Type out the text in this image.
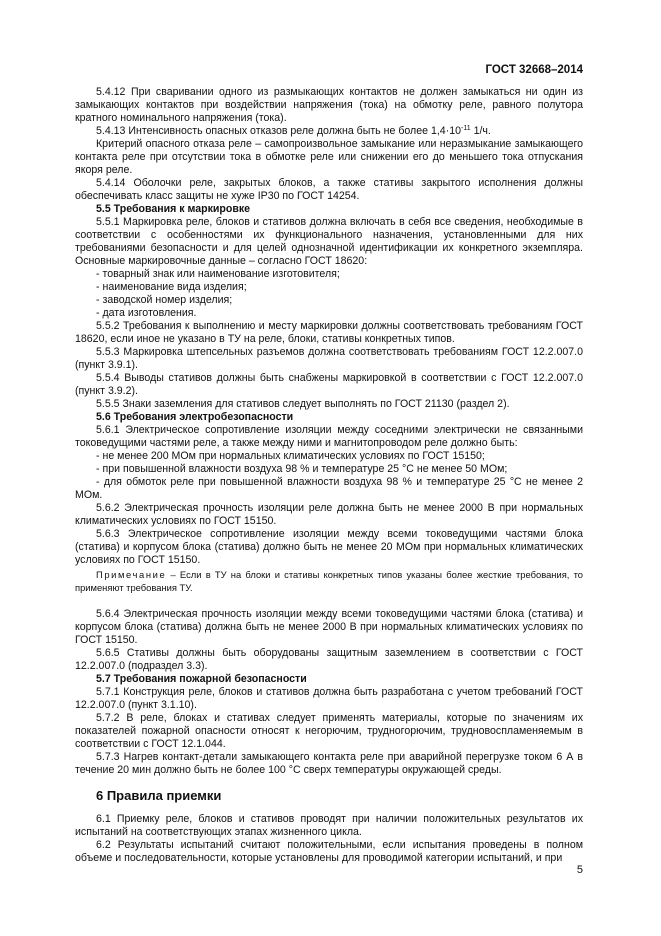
ГОСТ 32668–2014

5.4.12 При сваривании одного из размыкающих контактов не должен замыкаться ни один из замыкающих контактов при воздействии напряжения (тока) на обмотку реле, равного полутора кратного номинального напряжения (тока).

5.4.13 Интенсивность опасных отказов реле должна быть не более $1,4\cdot 10^{-11}$ 1/ч.

Критерий опасного отказа реле – самопроизвольное замыкание или неразмыкание замыкающего контакта реле при отсутствии тока в обмотке реле или снижении его до меньшего тока отпускания якоря реле.

5.4.14 Оболочки реле, закрытых блоков, а также стативы закрытого исполнения должны обеспечивать класс защиты не хуже IP30 по ГОСТ 14254.

5.5 Требования к маркировке

5.5.1 Маркировка реле, блоков и стативов должна включать в себя все сведения, необходимые в соответствии с особенностями их функционального назначения, установленными для них требованиями безопасности и для целей однозначной идентификации их конкретного экземпляра. Основные маркировочные данные – согласно ГОСТ 18620:

- товарный знак или наименование изготовителя;

- наименование вида изделия;

- заводской номер изделия;

- дата изготовления.

5.5.2 Требования к выполнению и месту маркировки должны соответствовать требованиям ГОСТ 18620, если иное не указано в ТУ на реле, блоки, стативы конкретных типов.

5.5.3 Маркировка штепсельных разъемов должна соответствовать требованиям ГОСТ 12.2.007.0 (пункт 3.9.1).

5.5.4 Выводы стативов должны быть снабжены маркировкой в соответствии с ГОСТ 12.2.007.0 (пункт 3.9.2).

5.5.5 Знаки заземления для стативов следует выполнять по ГОСТ 21130 (раздел 2).

5.6 Требования электробезопасности

5.6.1 Электрическое сопротивление изоляции между соседними электрически не связанными токоведущими частями реле, а также между ними и магнитопроводом реле должно быть:

- не менее 200 МОм при нормальных климатических условиях по ГОСТ 15150;

- при повышенной влажности воздуха 98 % и температуре 25 °С не менее 50 МОм;

- для обмоток реле при повышенной влажности воздуха 98 % и температуре 25 °С не менее 2 МОм.

5.6.2 Электрическая прочность изоляции реле должна быть не менее 2000 В при нормальных климатических условиях по ГОСТ 15150.

5.6.3 Электрическое сопротивление изоляции между всеми токоведущими частями блока (статива) и корпусом блока (статива) должно быть не менее 20 МОм при нормальных климатических условиях по ГОСТ 15150.

Примечание – Если в ТУ на блоки и стативы конкретных типов указаны более жесткие требования, то применяют требования ТУ.

5.6.4 Электрическая прочность изоляции между всеми токоведущими частями блока (статива) и корпусом блока (статива) должна быть не менее 2000 В при нормальных климатических условиях по ГОСТ 15150.

5.6.5 Стативы должны быть оборудованы защитным заземлением в соответствии с ГОСТ 12.2.007.0 (подраздел 3.3).

5.7 Требования пожарной безопасности

5.7.1 Конструкция реле, блоков и стативов должна быть разработана с учетом требований ГОСТ 12.2.007.0 (пункт 3.1.10).

5.7.2 В реле, блоках и стативах следует применять материалы, которые по значениям их показателей пожарной опасности относят к негорючим, трудногорючим, трудновоспламеняемым в соответствии с ГОСТ 12.1.044.

5.7.3 Нагрев контакт-детали замыкающего контакта реле при аварийной перегрузке током 6 А в течение 20 мин должно быть не более 100 °С сверх температуры окружающей среды.

6 Правила приемки

6.1 Приемку реле, блоков и стативов проводят при наличии положительных результатов их испытаний на соответствующих этапах жизненного цикла.

6.2 Результаты испытаний считают положительными, если испытания проведены в полном объеме и последовательности, которые установлены для проводимой категории испытаний, и при

5
